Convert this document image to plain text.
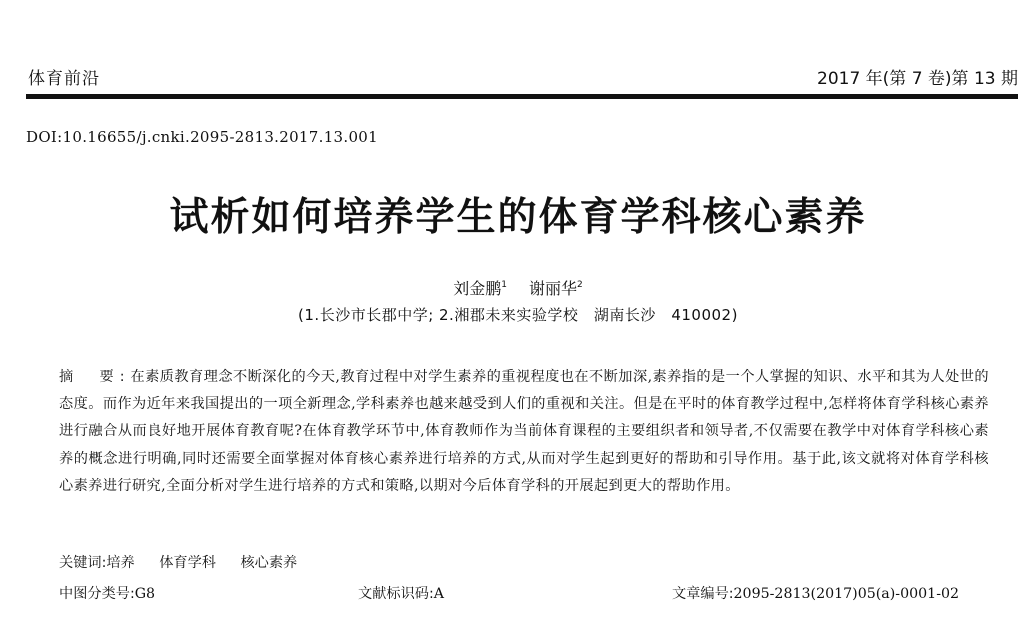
体育前沿	2017 年(第 7 卷)第 13 期
DOI:10.16655/j.cnki.2095-2813.2017.13.001
试析如何培养学生的体育学科核心素养
刘金鹏$^1$ 谢丽华$^2$
(1.长沙市长郡中学; 2.湘郡未来实验学校　湖南长沙　410002)
摘　要:在素质教育理念不断深化的今天,教育过程中对学生素养的重视程度也在不断加深,素养指的是一个人掌握的知识、水平和其为人处世的态度。而作为近年来我国提出的一项全新理念,学科素养也越来越受到人们的重视和关注。但是在平时的体育教学过程中,怎样将体育学科核心素养进行融合从而良好地开展体育教育呢?在体育教学环节中,体育教师作为当前体育课程的主要组织者和领导者,不仅需要在教学中对体育学科核心素养的概念进行明确,同时还需要全面掌握对体育核心素养进行培养的方式,从而对学生起到更好的帮助和引导作用。基于此,该文就将对体育学科核心素养进行研究,全面分析对学生进行培养的方式和策略,以期对今后体育学科的开展起到更大的帮助作用。
关键词:培养 体育学科 核心素养
中图分类号:G8	文献标识码:A	文章编号:2095-2813(2017)05(a)-0001-02
